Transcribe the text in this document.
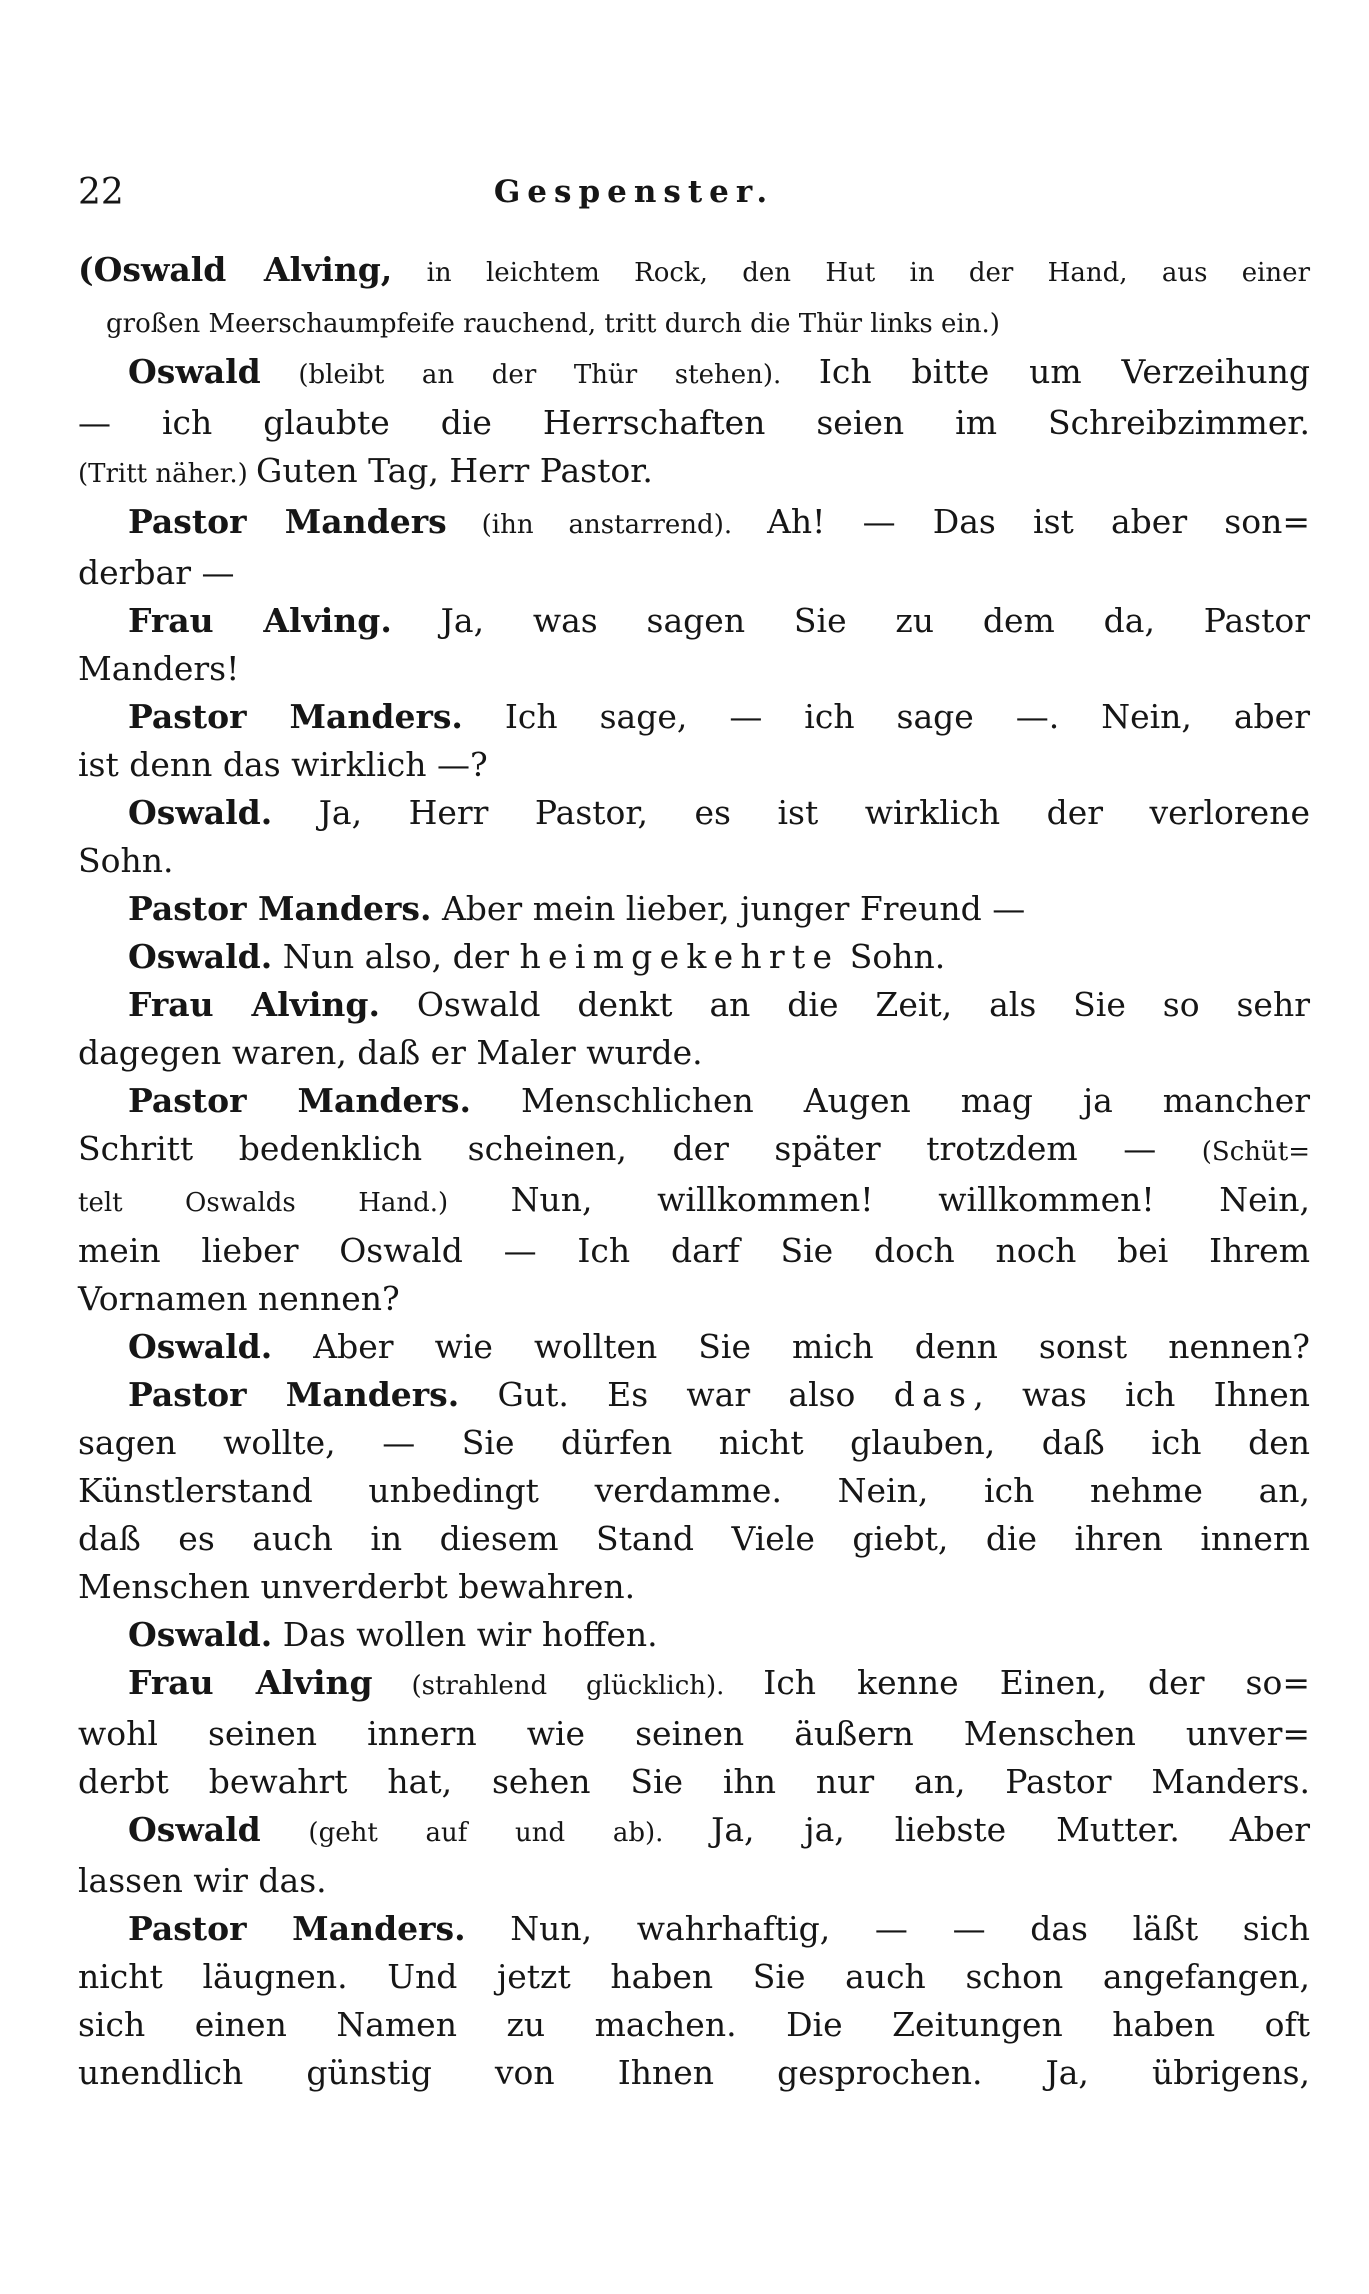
22	Gespenster.
(Oswald Alving, in leichtem Rock, den Hut in der Hand, aus einer
großen Meerschaumpfeife rauchend, tritt durch die Thür links ein.)
Oswald (bleibt an der Thür stehen). Ich bitte um Verzeihung
— ich glaubte die Herrschaften seien im Schreibzimmer.
(Tritt näher.) Guten Tag, Herr Pastor.
Pastor Manders (ihn anstarrend). Ah! — Das ist aber son=
derbar —
Frau Alving. Ja, was sagen Sie zu dem da, Pastor
Manders!
Pastor Manders. Ich sage, — ich sage —. Nein, aber
ist denn das wirklich —?
Oswald. Ja, Herr Pastor, es ist wirklich der verlorene
Sohn.
Pastor Manders. Aber mein lieber, junger Freund —
Oswald. Nun also, der heimgekehrte Sohn.
Frau Alving. Oswald denkt an die Zeit, als Sie so sehr
dagegen waren, daß er Maler wurde.
Pastor Manders. Menschlichen Augen mag ja mancher
Schritt bedenklich scheinen, der später trotzdem — (Schüt=
telt Oswalds Hand.) Nun, willkommen! willkommen! Nein,
mein lieber Oswald — Ich darf Sie doch noch bei Ihrem
Vornamen nennen?
Oswald. Aber wie wollten Sie mich denn sonst nennen?
Pastor Manders. Gut. Es war also das, was ich Ihnen
sagen wollte, — Sie dürfen nicht glauben, daß ich den
Künstlerstand unbedingt verdamme. Nein, ich nehme an,
daß es auch in diesem Stand Viele giebt, die ihren innern
Menschen unverderbt bewahren.
Oswald. Das wollen wir hoffen.
Frau Alving (strahlend glücklich). Ich kenne Einen, der so=
wohl seinen innern wie seinen äußern Menschen unver=
derbt bewahrt hat, sehen Sie ihn nur an, Pastor Manders.
Oswald (geht auf und ab). Ja, ja, liebste Mutter. Aber
lassen wir das.
Pastor Manders. Nun, wahrhaftig, — — das läßt sich
nicht läugnen. Und jetzt haben Sie auch schon angefangen,
sich einen Namen zu machen. Die Zeitungen haben oft
unendlich günstig von Ihnen gesprochen. Ja, übrigens,
